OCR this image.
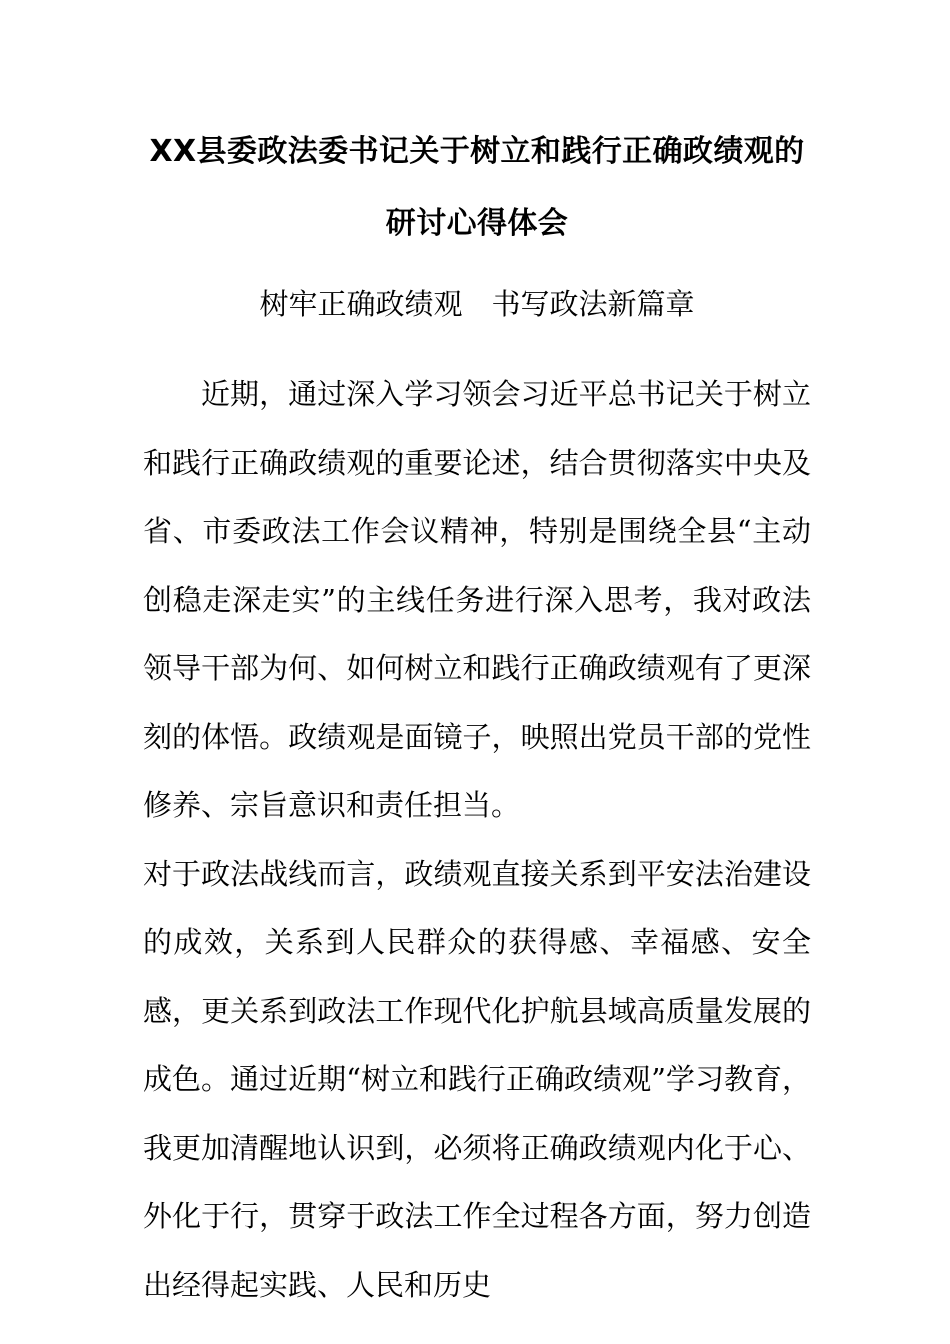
XX县委政法委书记关于树立和践行正确政绩观的研讨心得体会

树牢正确政绩观　书写政法新篇章

近期，通过深入学习领会习近平总书记关于树立和践行正确政绩观的重要论述，结合贯彻落实中央及省、市委政法工作会议精神，特别是围绕全县“主动创稳走深走实”的主线任务进行深入思考，我对政法领导干部为何、如何树立和践行正确政绩观有了更深刻的体悟。政绩观是面镜子，映照出党员干部的党性修养、宗旨意识和责任担当。

对于政法战线而言，政绩观直接关系到平安法治建设的成效，关系到人民群众的获得感、幸福感、安全感，更关系到政法工作现代化护航县域高质量发展的成色。通过近期“树立和践行正确政绩观”学习教育，我更加清醒地认识到，必须将正确政绩观内化于心、外化于行，贯穿于政法工作全过程各方面，努力创造出经得起实践、人民和历史
